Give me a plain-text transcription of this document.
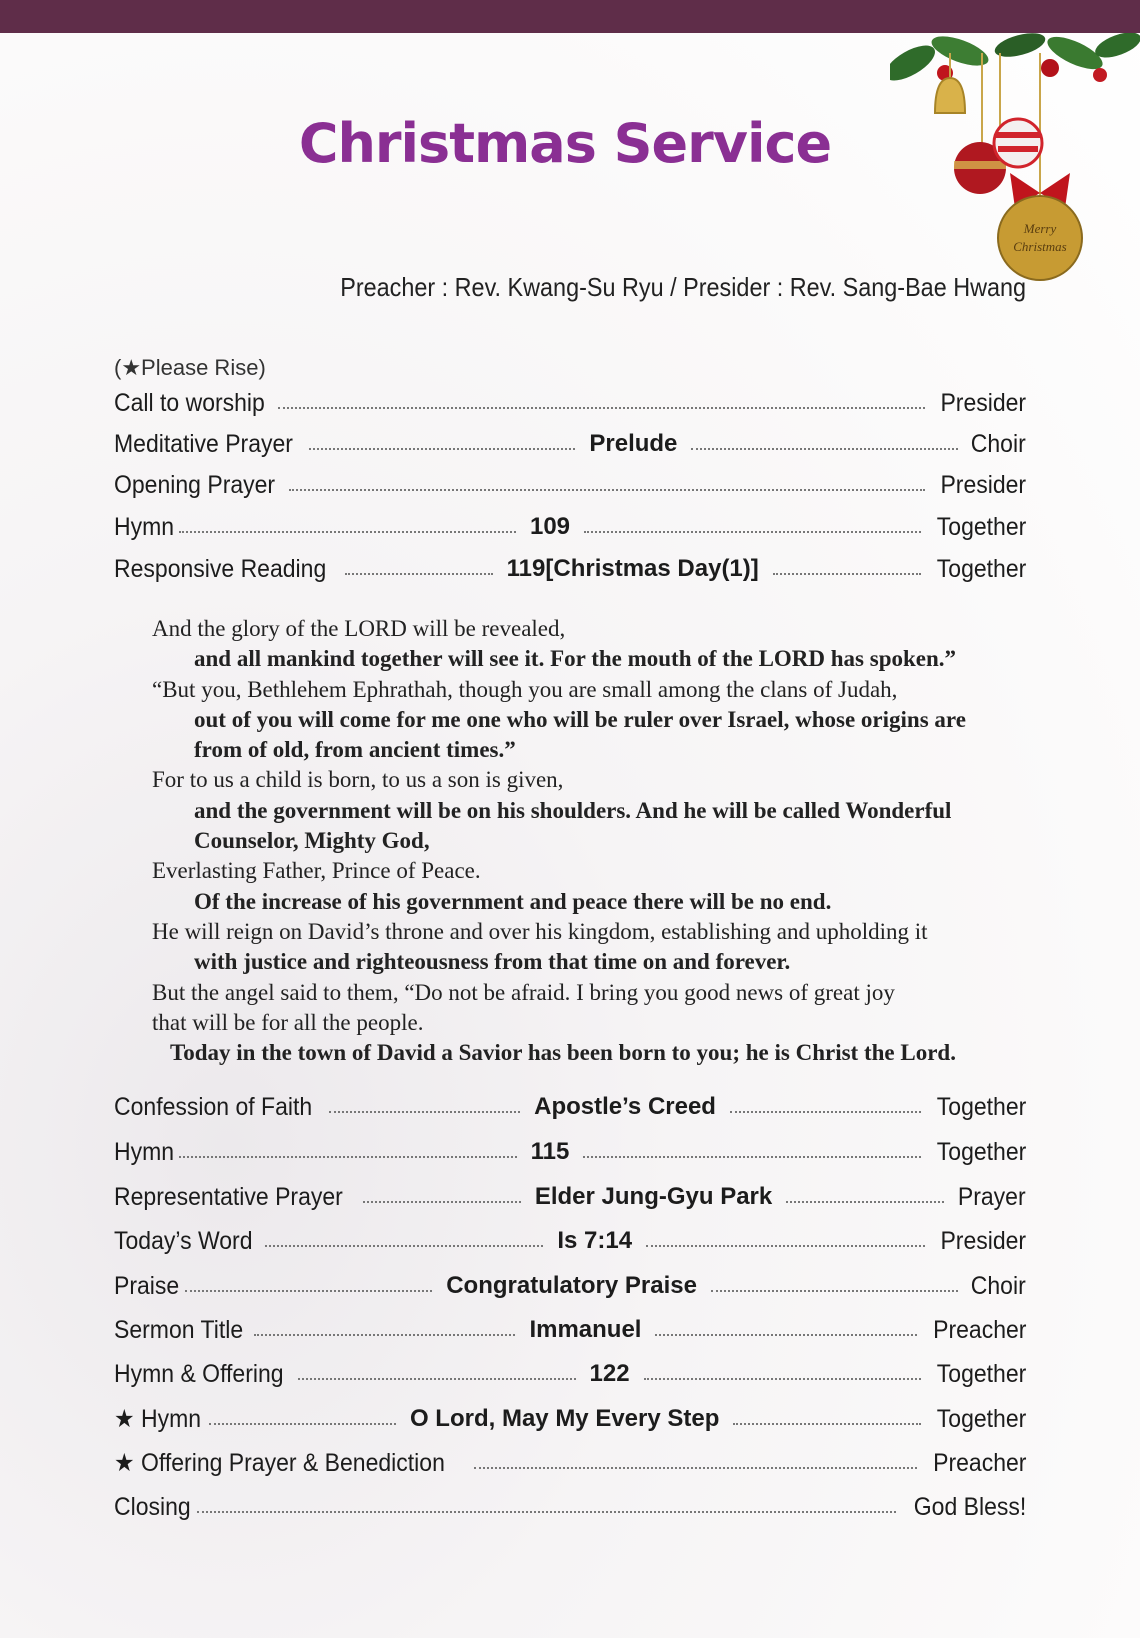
Merry
Christmas
Christmas Service
Preacher : Rev. Kwang-Su Ryu / Presider : Rev. Sang-Bae Hwang
(★Please Rise)
Call to worship	Presider
Meditative Prayer	Prelude	Choir
Opening Prayer	Presider
Hymn	109	Together
Responsive Reading	119[Christmas Day(1)]	Together
And the glory of the LORD will be revealed,
and all mankind together will see it. For the mouth of the LORD has spoken.”
“But you, Bethlehem Ephrathah, though you are small among the clans of Judah,
out of you will come for me one who will be ruler over Israel, whose origins are
from of old, from ancient times.”
For to us a child is born, to us a son is given,
and the government will be on his shoulders. And he will be called Wonderful
Counselor, Mighty God,
Everlasting Father, Prince of Peace.
Of the increase of his government and peace there will be no end.
He will reign on David’s throne and over his kingdom, establishing and upholding it
with justice and righteousness from that time on and forever.
But the angel said to them, “Do not be afraid. I bring you good news of great joy
that will be for all the people.
Today in the town of David a Savior has been born to you; he is Christ the Lord.
Confession of Faith	Apostle’s Creed	Together
Hymn	115	Together
Representative Prayer	Elder Jung-Gyu Park	Prayer
Today’s Word	Is 7:14	Presider
Praise	Congratulatory Praise	Choir
Sermon Title	Immanuel	Preacher
Hymn & Offering	122	Together
★ Hymn	O Lord, May My Every Step	Together
★ Offering Prayer & Benediction	Preacher
Closing	God Bless!
